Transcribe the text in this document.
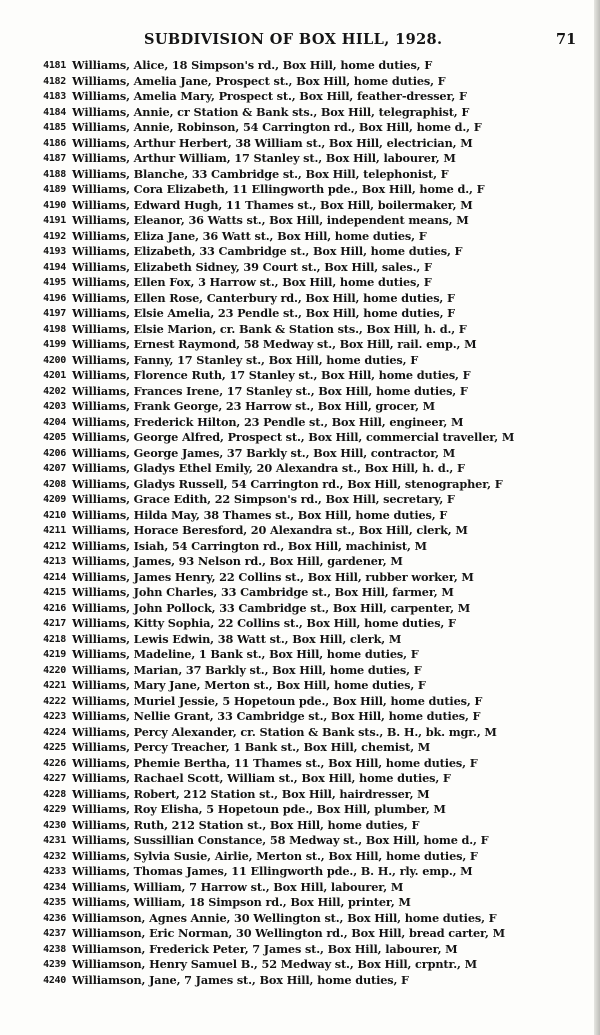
SUBDIVISION OF BOX HILL, 1928.	71
4181 Williams, Alice, 18 Simpson's rd., Box Hill, home duties, F
4182 Williams, Amelia Jane, Prospect st., Box Hill, home duties, F
4183 Williams, Amelia Mary, Prospect st., Box Hill, feather-dresser, F
4184 Williams, Annie, cr Station & Bank sts., Box Hill, telegraphist, F
4185 Williams, Annie, Robinson, 54 Carrington rd., Box Hill, home d., F
4186 Williams, Arthur Herbert, 38 William st., Box Hill, electrician, M
4187 Williams, Arthur William, 17 Stanley st., Box Hill, labourer, M
4188 Williams, Blanche, 33 Cambridge st., Box Hill, telephonist, F
4189 Williams, Cora Elizabeth, 11 Ellingworth pde., Box Hill, home d., F
4190 Williams, Edward Hugh, 11 Thames st., Box Hill, boilermaker, M
4191 Williams, Eleanor, 36 Watts st., Box Hill, independent means, M
4192 Williams, Eliza Jane, 36 Watt st., Box Hill, home duties, F
4193 Williams, Elizabeth, 33 Cambridge st., Box Hill, home duties, F
4194 Williams, Elizabeth Sidney, 39 Court st., Box Hill, sales., F
4195 Williams, Ellen Fox, 3 Harrow st., Box Hill, home duties, F
4196 Williams, Ellen Rose, Canterbury rd., Box Hill, home duties, F
4197 Williams, Elsie Amelia, 23 Pendle st., Box Hill, home duties, F
4198 Williams, Elsie Marion, cr. Bank & Station sts., Box Hill, h. d., F
4199 Williams, Ernest Raymond, 58 Medway st., Box Hill, rail. emp., M
4200 Williams, Fanny, 17 Stanley st., Box Hill, home duties, F
4201 Williams, Florence Ruth, 17 Stanley st., Box Hill, home duties, F
4202 Williams, Frances Irene, 17 Stanley st., Box Hill, home duties, F
4203 Williams, Frank George, 23 Harrow st., Box Hill, grocer, M
4204 Williams, Frederick Hilton, 23 Pendle st., Box Hill, engineer, M
4205 Williams, George Alfred, Prospect st., Box Hill, commercial traveller, M
4206 Williams, George James, 37 Barkly st., Box Hill, contractor, M
4207 Williams, Gladys Ethel Emily, 20 Alexandra st., Box Hill, h. d., F
4208 Williams, Gladys Russell, 54 Carrington rd., Box Hill, stenographer, F
4209 Williams, Grace Edith, 22 Simpson's rd., Box Hill, secretary, F
4210 Williams, Hilda May, 38 Thames st., Box Hill, home duties, F
4211 Williams, Horace Beresford, 20 Alexandra st., Box Hill, clerk, M
4212 Williams, Isiah, 54 Carrington rd., Box Hill, machinist, M
4213 Williams, James, 93 Nelson rd., Box Hill, gardener, M
4214 Williams, James Henry, 22 Collins st., Box Hill, rubber worker, M
4215 Williams, John Charles, 33 Cambridge st., Box Hill, farmer, M
4216 Williams, John Pollock, 33 Cambridge st., Box Hill, carpenter, M
4217 Williams, Kitty Sophia, 22 Collins st., Box Hill, home duties, F
4218 Williams, Lewis Edwin, 38 Watt st., Box Hill, clerk, M
4219 Williams, Madeline, 1 Bank st., Box Hill, home duties, F
4220 Williams, Marian, 37 Barkly st., Box Hill, home duties, F
4221 Williams, Mary Jane, Merton st., Box Hill, home duties, F
4222 Williams, Muriel Jessie, 5 Hopetoun pde., Box Hill, home duties, F
4223 Williams, Nellie Grant, 33 Cambridge st., Box Hill, home duties, F
4224 Williams, Percy Alexander, cr. Station & Bank sts., B. H., bk. mgr., M
4225 Williams, Percy Treacher, 1 Bank st., Box Hill, chemist, M
4226 Williams, Phemie Bertha, 11 Thames st., Box Hill, home duties, F
4227 Williams, Rachael Scott, William st., Box Hill, home duties, F
4228 Williams, Robert, 212 Station st., Box Hill, hairdresser, M
4229 Williams, Roy Elisha, 5 Hopetoun pde., Box Hill, plumber, M
4230 Williams, Ruth, 212 Station st., Box Hill, home duties, F
4231 Williams, Sussillian Constance, 58 Medway st., Box Hill, home d., F
4232 Williams, Sylvia Susie, Airlie, Merton st., Box Hill, home duties, F
4233 Williams, Thomas James, 11 Ellingworth pde., B. H., rly. emp., M
4234 Williams, William, 7 Harrow st., Box Hill, labourer, M
4235 Williams, William, 18 Simpson rd., Box Hill, printer, M
4236 Williamson, Agnes Annie, 30 Wellington st., Box Hill, home duties, F
4237 Williamson, Eric Norman, 30 Wellington rd., Box Hill, bread carter, M
4238 Williamson, Frederick Peter, 7 James st., Box Hill, labourer, M
4239 Williamson, Henry Samuel B., 52 Medway st., Box Hill, crpntr., M
4240 Williamson, Jane, 7 James st., Box Hill, home duties, F
